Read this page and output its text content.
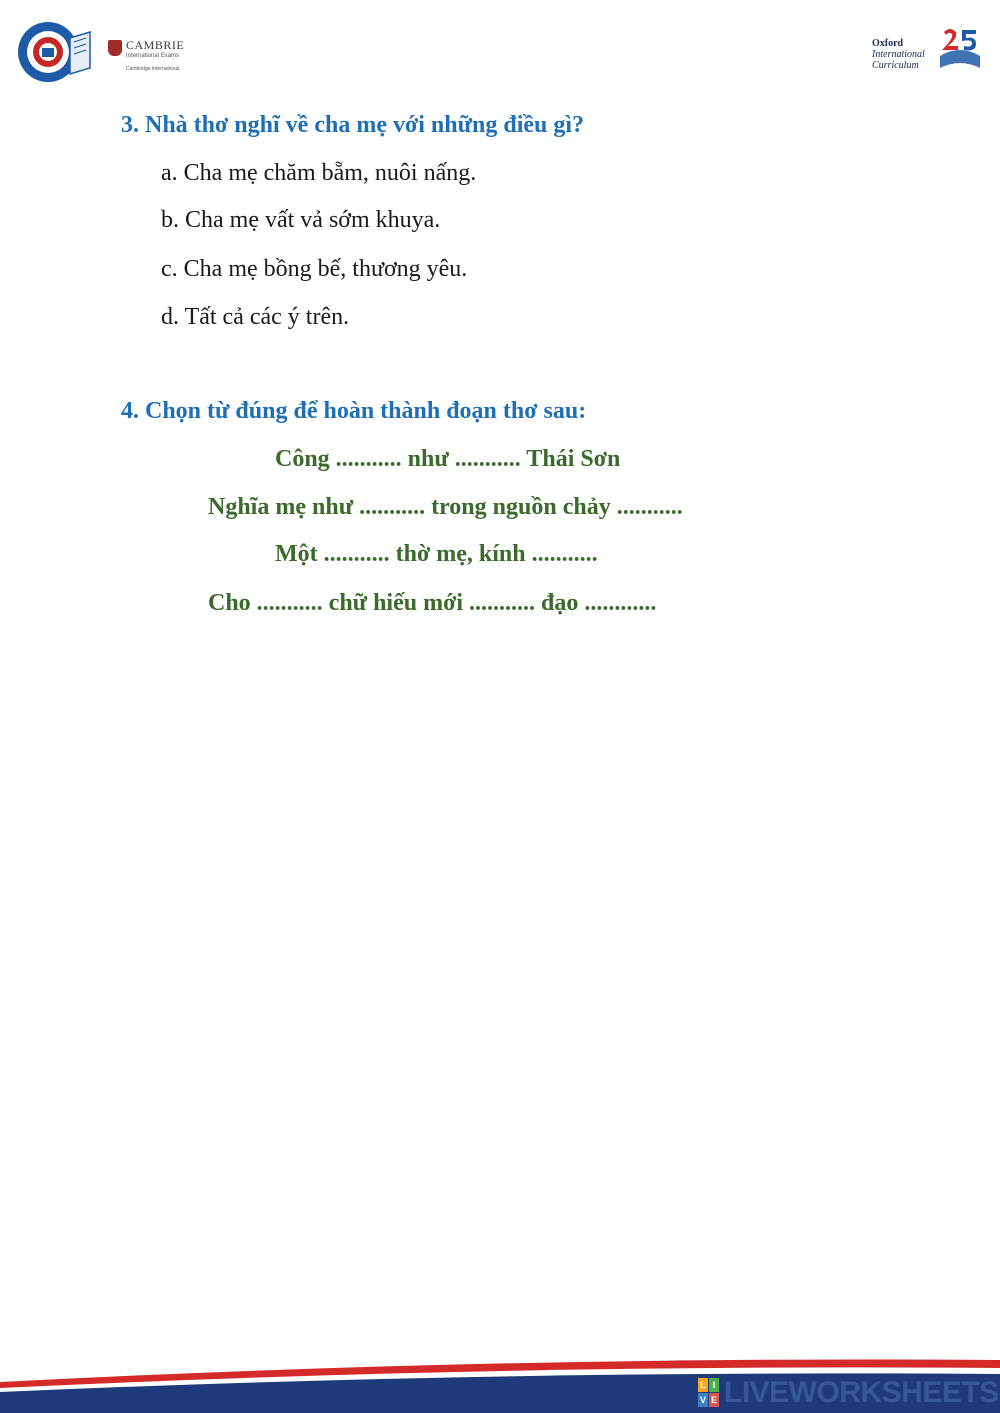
CAMBRIE
International Exams
Cambridge International
Oxford
International
Curriculum
3. Nhà thơ nghĩ về cha mẹ với những điều gì?
a. Cha mẹ chăm bẵm, nuôi nấng.
b. Cha mẹ vất vả sớm khuya.
c. Cha mẹ bồng bế, thương yêu.
d. Tất cả các ý trên.
4. Chọn từ đúng để hoàn thành đoạn thơ sau:
Công ........... như ........... Thái Sơn
Nghĩa mẹ như ........... trong nguồn chảy ...........
Một ........... thờ mẹ, kính ...........
Cho ........... chữ hiếu mới ........... đạo ............
L I
V E LIVEWORKSHEETS
